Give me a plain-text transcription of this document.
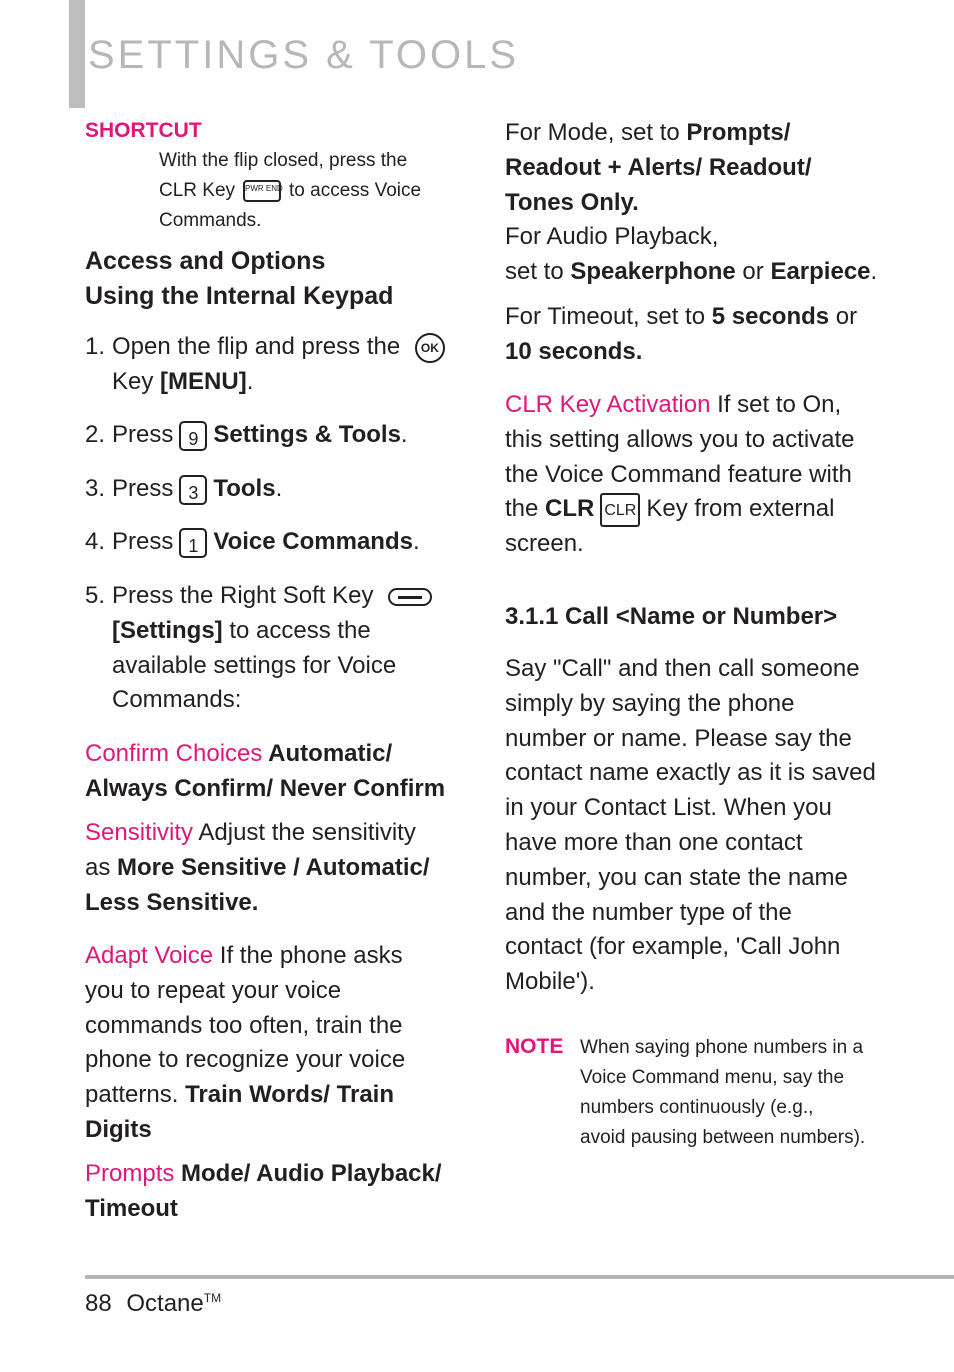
SETTINGS & TOOLS
SHORTCUT
With the flip closed, press the
CLR Key PWR END to access Voice
Commands.
Access and Options
Using the Internal Keypad
1. Open the flip and press the OK
Key [MENU].
2. Press 9 Settings & Tools.
3. Press 3 Tools.
4. Press 1 Voice Commands.
5. Press the Right Soft Key
[Settings] to access the
available settings for Voice
Commands:
Confirm Choices Automatic/
Always Confirm/ Never Confirm
Sensitivity Adjust the sensitivity
as More Sensitive / Automatic/
Less Sensitive.
Adapt Voice If the phone asks
you to repeat your voice
commands too often, train the
phone to recognize your voice
patterns. Train Words/ Train
Digits
Prompts Mode/ Audio Playback/
Timeout
For Mode, set to Prompts/
Readout + Alerts/ Readout/
Tones Only.
For Audio Playback,
set to Speakerphone or Earpiece.
For Timeout, set to 5 seconds or
10 seconds.
CLR Key Activation If set to On,
this setting allows you to activate
the Voice Command feature with
the CLR CLR Key from external
screen.
3.1.1 Call <Name or Number>
Say "Call" and then call someone
simply by saying the phone
number or name. Please say the
contact name exactly as it is saved
in your Contact List. When you
have more than one contact
number, you can state the name
and the number type of the
contact (for example, 'Call John
Mobile').
NOTE When saying phone numbers in a
Voice Command menu, say the
numbers continuously (e.g.,
avoid pausing between numbers).
88 Octane™
